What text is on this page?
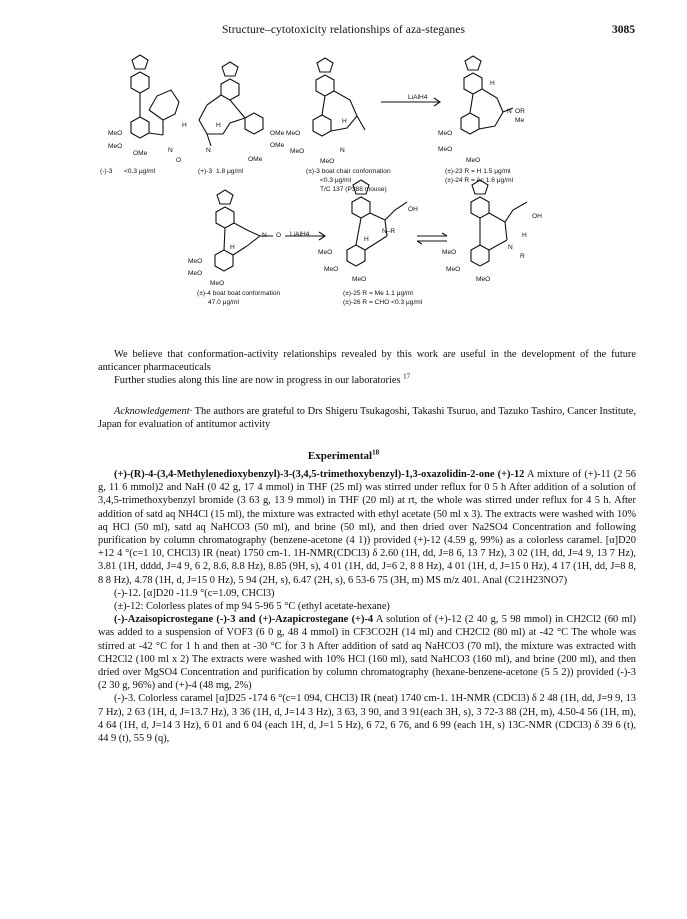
Structure–cytotoxicity relationships of aza-steganes	3085
MeO
MeO
OMe
H
N
O
(-)-3 <0.3 μg/ml
OMe
OMe
OMe
H
N
(+)-3 1.8 μg/ml
MeO
MeO
MeO
H
N
(±)-3 boat chair conformation
<0.3 μg/ml
T/C 137 (P388 mouse)
LiAlH4
MeO
MeO
MeO
OR
Me
H
N
(±)-23 R = H 1.5 μg/ml
(±)-24 R = Ac 1.6 μg/ml
MeO
MeO
MeO
H
N O
(±)-4 boat boat conformation
47.0 μg/ml
LiAlH4
MeO
MeO
MeO
OH
N–R
H
(±)-25 R = Me 1.1 μg/ml
(±)-26 R = CHO <0.3 μg/ml
MeO
MeO
MeO
OH
H
N
R

We believe that conformation-activity relationships revealed by this work are useful in the development of the future anticancer pharmaceuticals

Further studies along this line are now in progress in our laboratories $^{17}$

Acknowledgement· The authors are grateful to Drs Shigeru Tsukagoshi, Takashi Tsuruo, and Tazuko Tashiro, Cancer Institute, Japan for evaluation of antitumor activity

Experimental$^{18}$

(+)-(R)-4-(3,4-Methylenedioxybenzyl)-3-(3,4,5-trimethoxybenzyl)-1,3-oxazolidin-2-one (+)-12 A mixture of (+)-11 (2 56 g, 11 6 mmol)2 and NaH (0 42 g, 17 4 mmol) in THF (25 ml) was stirred under reflux for 0 5 h After addition of a solution of 3,4,5-trimethoxybenzyl bromide (3 63 g, 13 9 mmol) in THF (20 ml) at rt, the whole was stirred under reflux for 4 5 h. After addition of satd aq NH4Cl (15 ml), the mixture was extracted with ethyl acetate (50 ml x 3). The extracts were washed with 10% aq HCl (50 ml), satd aq NaHCO3 (50 ml), and brine (50 ml), and then dried over Na2SO4 Concentration and following purification by column chromatography (benzene-acetone (4 1)) provided (+)-12 (4.59 g, 99%) as a colorless caramel. [α]D20 +12 4 °(c=1 10, CHCl3) IR (neat) 1750 cm-1. 1H-NMR(CDCl3) δ 2.60 (1H, dd, J=8 6, 13 7 Hz), 3 02 (1H, dd, J=4 9, 13 7 Hz), 3.81 (1H, dddd, J=4 9, 6 2, 8.6, 8.8 Hz), 8.85 (9H, s), 4 01 (1H, dd, J=6 2, 8 8 Hz), 4 01 (1H, d, J=15 0 Hz), 4 17 (1H, dd, J=8 8, 8 8 Hz), 4.78 (1H, d, J=15 0 Hz), 5 94 (2H, s), 6.47 (2H, s), 6 53-6 75 (3H, m) MS m/z 401. Anal (C21H23NO7)

(-)-12. [α]D20 -11.9 °(c=1.09, CHCl3)

(±)-12: Colorless plates of mp 94 5-96 5 °C (ethyl acetate-hexane)

(-)-Azaisopicrostegane (-)-3 and (+)-Azapicrostegane (+)-4 A solution of (+)-12 (2 40 g, 5 98 mmol) in CH2Cl2 (60 ml) was added to a suspension of VOF3 (6 0 g, 48 4 mmol) in CF3CO2H (14 ml) and CH2Cl2 (80 ml) at -42 °C The whole was stirred at -42 °C for 1 h and then at -30 °C for 3 h After addition of satd aq NaHCO3 (70 ml), the mixture was extracted with CH2Cl2 (100 ml x 2) The extracts were washed with 10% HCl (160 ml), satd NaHCO3 (160 ml), and brine (200 ml), and then dried over MgSO4 Concentration and purification by column chromatography (hexane-benzene-acetone (5 5 2)) provided (-)-3 (2 30 g, 96%) and (+)-4 (48 mg, 2%)

(-)-3. Colorless caramel [α]D25 -174 6 °(c=1 094, CHCl3) IR (neat) 1740 cm-1. 1H-NMR (CDCl3) δ 2 48 (1H, dd, J=9 9, 13 7 Hz), 2 63 (1H, d, J=13.7 Hz), 3 36 (1H, d, J=14 3 Hz), 3 63, 3 90, and 3 91(each 3H, s), 3 72-3 88 (2H, m), 4.50-4 56 (1H, m), 4 64 (1H, d, J=14 3 Hz), 6 01 and 6 04 (each 1H, d, J=1 5 Hz), 6 72, 6 76, and 6 99 (each 1H, s) 13C-NMR (CDCl3) δ 39 6 (t), 44 9 (t), 55 9 (q),
